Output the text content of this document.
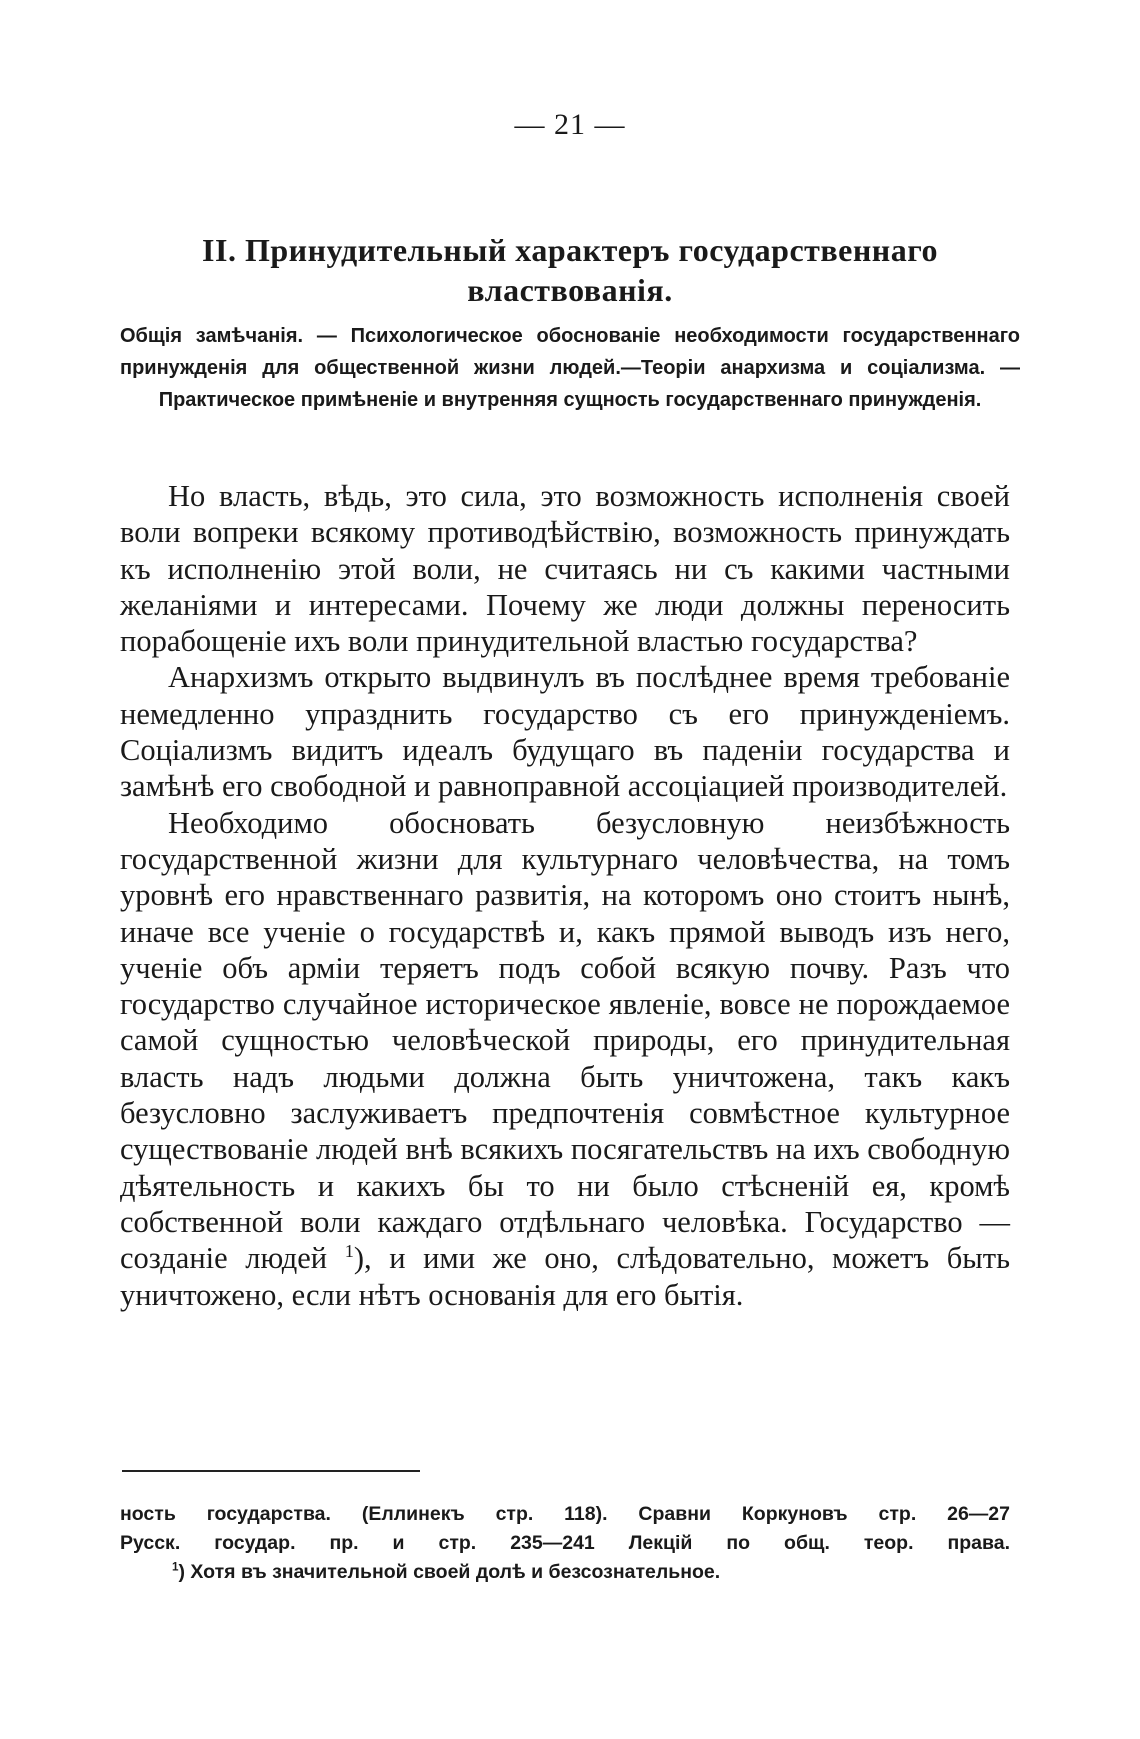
— 21 —
II. Принудительный характеръ государственнаго властвованія.
Общія замѣчанія. — Психологическое обоснованіе необходимости государственнаго принужденія для общественной жизни людей.—Теоріи анархизма и соціализма. — Практическое примѣненіе и внутренняя сущность государственнаго принужденія.

Но власть, вѣдь, это сила, это возможность исполненія своей воли вопреки всякому противодѣйствію, возможность принуждать къ исполненію этой воли, не считаясь ни съ какими частными желаніями и интересами. Почему же люди должны переносить порабощеніе ихъ воли принудительной властью государства?

Анархизмъ открыто выдвинулъ въ послѣднее время требованіе немедленно упразднить государство съ его принужденіемъ. Соціализмъ видитъ идеалъ будущаго въ паденіи государства и замѣнѣ его свободной и равноправной ассоціацией производителей.

Необходимо обосновать безусловную неизбѣжность государственной жизни для культурнаго человѣчества, на томъ уровнѣ его нравственнаго развитія, на которомъ оно стоитъ нынѣ, иначе все ученіе о государствѣ и, какъ прямой выводъ изъ него, ученіе объ арміи теряетъ подъ собой всякую почву. Разъ что государство случайное историческое явленіе, вовсе не порождаемое самой сущностью человѣческой природы, его принудительная власть надъ людьми должна быть уничтожена, такъ какъ безусловно заслуживаетъ предпочтенія совмѣстное культурное существованіе людей внѣ всякихъ посягательствъ на ихъ свободную дѣятельность и какихъ бы то ни было стѣсненій ея, кромѣ собственной воли каждаго отдѣльнаго человѣка. Государство — созданіе людей $^1$), и ими же оно, слѣдовательно, можетъ быть уничтожено, если нѣтъ основанія для его бытія.

ность государства. (Еллинекъ стр. 118). Сравни Коркуновъ стр. 26—27
Русск. государ. пр. и стр. 235—241 Лекцій по общ. теор. права.
$^1$) Хотя въ значительной своей долѣ и безсознательное.
